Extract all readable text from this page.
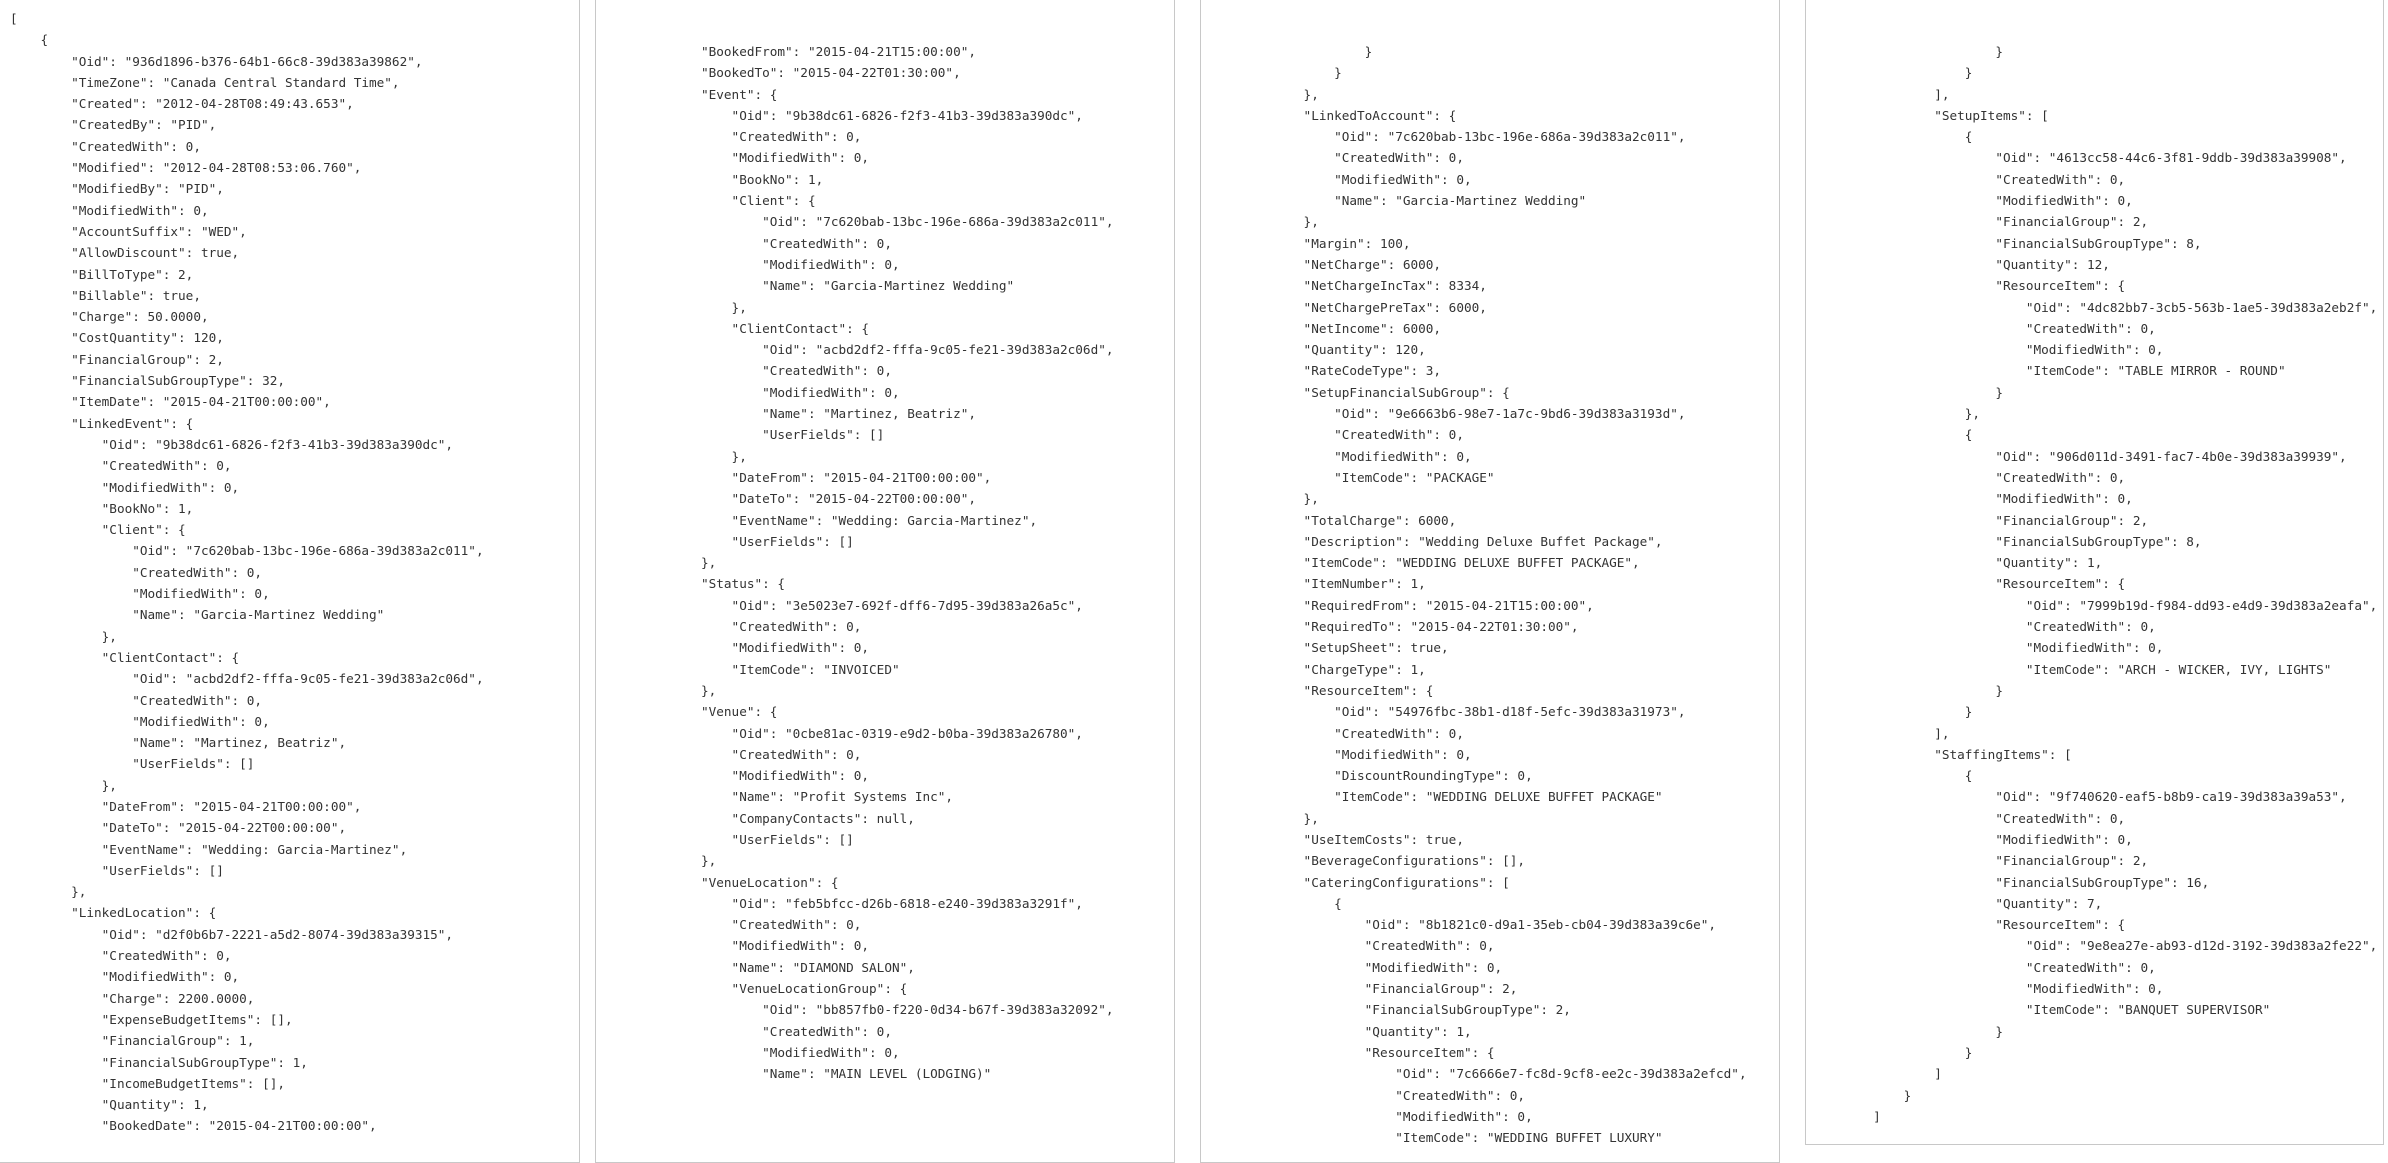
[
{
"Oid": "936d1896-b376-64b1-66c8-39d383a39862",
"TimeZone": "Canada Central Standard Time",
"Created": "2012-04-28T08:49:43.653",
"CreatedBy": "PID",
"CreatedWith": 0,
"Modified": "2012-04-28T08:53:06.760",
"ModifiedBy": "PID",
"ModifiedWith": 0,
"AccountSuffix": "WED",
"AllowDiscount": true,
"BillToType": 2,
"Billable": true,
"Charge": 50.0000,
"CostQuantity": 120,
"FinancialGroup": 2,
"FinancialSubGroupType": 32,
"ItemDate": "2015-04-21T00:00:00",
"LinkedEvent": {
"Oid": "9b38dc61-6826-f2f3-41b3-39d383a390dc",
"CreatedWith": 0,
"ModifiedWith": 0,
"BookNo": 1,
"Client": {
"Oid": "7c620bab-13bc-196e-686a-39d383a2c011",
"CreatedWith": 0,
"ModifiedWith": 0,
"Name": "Garcia-Martinez Wedding"
},
"ClientContact": {
"Oid": "acbd2df2-fffa-9c05-fe21-39d383a2c06d",
"CreatedWith": 0,
"ModifiedWith": 0,
"Name": "Martinez, Beatriz",
"UserFields": []
},
"DateFrom": "2015-04-21T00:00:00",
"DateTo": "2015-04-22T00:00:00",
"EventName": "Wedding: Garcia-Martinez",
"UserFields": []
},
"LinkedLocation": {
"Oid": "d2f0b6b7-2221-a5d2-8074-39d383a39315",
"CreatedWith": 0,
"ModifiedWith": 0,
"Charge": 2200.0000,
"ExpenseBudgetItems": [],
"FinancialGroup": 1,
"FinancialSubGroupType": 1,
"IncomeBudgetItems": [],
"Quantity": 1,
"BookedDate": "2015-04-21T00:00:00",
"BookedFrom": "2015-04-21T15:00:00",
"BookedTo": "2015-04-22T01:30:00",
"Event": {
"Oid": "9b38dc61-6826-f2f3-41b3-39d383a390dc",
"CreatedWith": 0,
"ModifiedWith": 0,
"BookNo": 1,
"Client": {
"Oid": "7c620bab-13bc-196e-686a-39d383a2c011",
"CreatedWith": 0,
"ModifiedWith": 0,
"Name": "Garcia-Martinez Wedding"
},
"ClientContact": {
"Oid": "acbd2df2-fffa-9c05-fe21-39d383a2c06d",
"CreatedWith": 0,
"ModifiedWith": 0,
"Name": "Martinez, Beatriz",
"UserFields": []
},
"DateFrom": "2015-04-21T00:00:00",
"DateTo": "2015-04-22T00:00:00",
"EventName": "Wedding: Garcia-Martinez",
"UserFields": []
},
"Status": {
"Oid": "3e5023e7-692f-dff6-7d95-39d383a26a5c",
"CreatedWith": 0,
"ModifiedWith": 0,
"ItemCode": "INVOICED"
},
"Venue": {
"Oid": "0cbe81ac-0319-e9d2-b0ba-39d383a26780",
"CreatedWith": 0,
"ModifiedWith": 0,
"Name": "Profit Systems Inc",
"CompanyContacts": null,
"UserFields": []
},
"VenueLocation": {
"Oid": "feb5bfcc-d26b-6818-e240-39d383a3291f",
"CreatedWith": 0,
"ModifiedWith": 0,
"Name": "DIAMOND SALON",
"VenueLocationGroup": {
"Oid": "bb857fb0-f220-0d34-b67f-39d383a32092",
"CreatedWith": 0,
"ModifiedWith": 0,
"Name": "MAIN LEVEL (LODGING)"
}
}
},
"LinkedToAccount": {
"Oid": "7c620bab-13bc-196e-686a-39d383a2c011",
"CreatedWith": 0,
"ModifiedWith": 0,
"Name": "Garcia-Martinez Wedding"
},
"Margin": 100,
"NetCharge": 6000,
"NetChargeIncTax": 8334,
"NetChargePreTax": 6000,
"NetIncome": 6000,
"Quantity": 120,
"RateCodeType": 3,
"SetupFinancialSubGroup": {
"Oid": "9e6663b6-98e7-1a7c-9bd6-39d383a3193d",
"CreatedWith": 0,
"ModifiedWith": 0,
"ItemCode": "PACKAGE"
},
"TotalCharge": 6000,
"Description": "Wedding Deluxe Buffet Package",
"ItemCode": "WEDDING DELUXE BUFFET PACKAGE",
"ItemNumber": 1,
"RequiredFrom": "2015-04-21T15:00:00",
"RequiredTo": "2015-04-22T01:30:00",
"SetupSheet": true,
"ChargeType": 1,
"ResourceItem": {
"Oid": "54976fbc-38b1-d18f-5efc-39d383a31973",
"CreatedWith": 0,
"ModifiedWith": 0,
"DiscountRoundingType": 0,
"ItemCode": "WEDDING DELUXE BUFFET PACKAGE"
},
"UseItemCosts": true,
"BeverageConfigurations": [],
"CateringConfigurations": [
{
"Oid": "8b1821c0-d9a1-35eb-cb04-39d383a39c6e",
"CreatedWith": 0,
"ModifiedWith": 0,
"FinancialGroup": 2,
"FinancialSubGroupType": 2,
"Quantity": 1,
"ResourceItem": {
"Oid": "7c6666e7-fc8d-9cf8-ee2c-39d383a2efcd",
"CreatedWith": 0,
"ModifiedWith": 0,
"ItemCode": "WEDDING BUFFET LUXURY"
}
}
],
"SetupItems": [
{
"Oid": "4613cc58-44c6-3f81-9ddb-39d383a39908",
"CreatedWith": 0,
"ModifiedWith": 0,
"FinancialGroup": 2,
"FinancialSubGroupType": 8,
"Quantity": 12,
"ResourceItem": {
"Oid": "4dc82bb7-3cb5-563b-1ae5-39d383a2eb2f",
"CreatedWith": 0,
"ModifiedWith": 0,
"ItemCode": "TABLE MIRROR - ROUND"
}
},
{
"Oid": "906d011d-3491-fac7-4b0e-39d383a39939",
"CreatedWith": 0,
"ModifiedWith": 0,
"FinancialGroup": 2,
"FinancialSubGroupType": 8,
"Quantity": 1,
"ResourceItem": {
"Oid": "7999b19d-f984-dd93-e4d9-39d383a2eafa",
"CreatedWith": 0,
"ModifiedWith": 0,
"ItemCode": "ARCH - WICKER, IVY, LIGHTS"
}
}
],
"StaffingItems": [
{
"Oid": "9f740620-eaf5-b8b9-ca19-39d383a39a53",
"CreatedWith": 0,
"ModifiedWith": 0,
"FinancialGroup": 2,
"FinancialSubGroupType": 16,
"Quantity": 7,
"ResourceItem": {
"Oid": "9e8ea27e-ab93-d12d-3192-39d383a2fe22",
"CreatedWith": 0,
"ModifiedWith": 0,
"ItemCode": "BANQUET SUPERVISOR"
}
}
]
}
]
